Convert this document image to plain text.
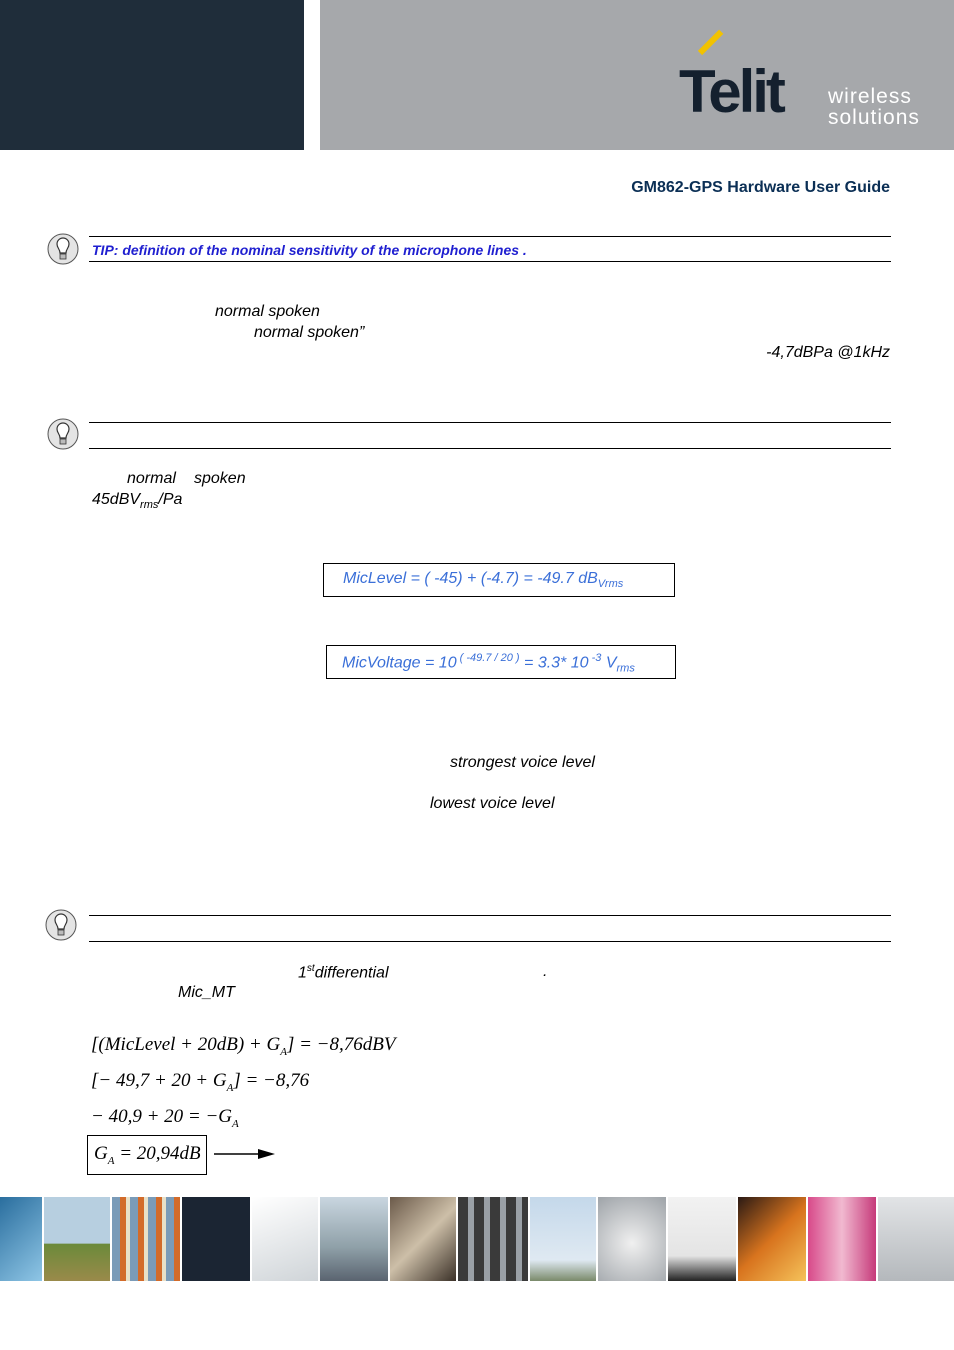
Telit wireless
solutions
GM862-GPS Hardware User Guide
TIP: definition of the nominal sensitivity of the microphone lines .
normal spoken
normal spoken”
-4,7dBPa @1kHz
normal spoken
45dBV$_{rms}$/Pa
MicLevel = ( -45) + (-4.7) = -49.7 $dB_{Vrms}$
MicVoltage = 10 $^{( -49.7 / 20 )}$ = 3.3* 10 $^{-3}$ $V_{rms}$
strongest voice level
lowest voice level
1stdifferential	.
Mic_MT
[(MicLevel + $20dB) + G_A] = -8,76dBV$
[− $49,7 + 20 + G_A] = -8,76$
− $40,9 + 20 = -G_A$
$G_A = 20,94dB$
